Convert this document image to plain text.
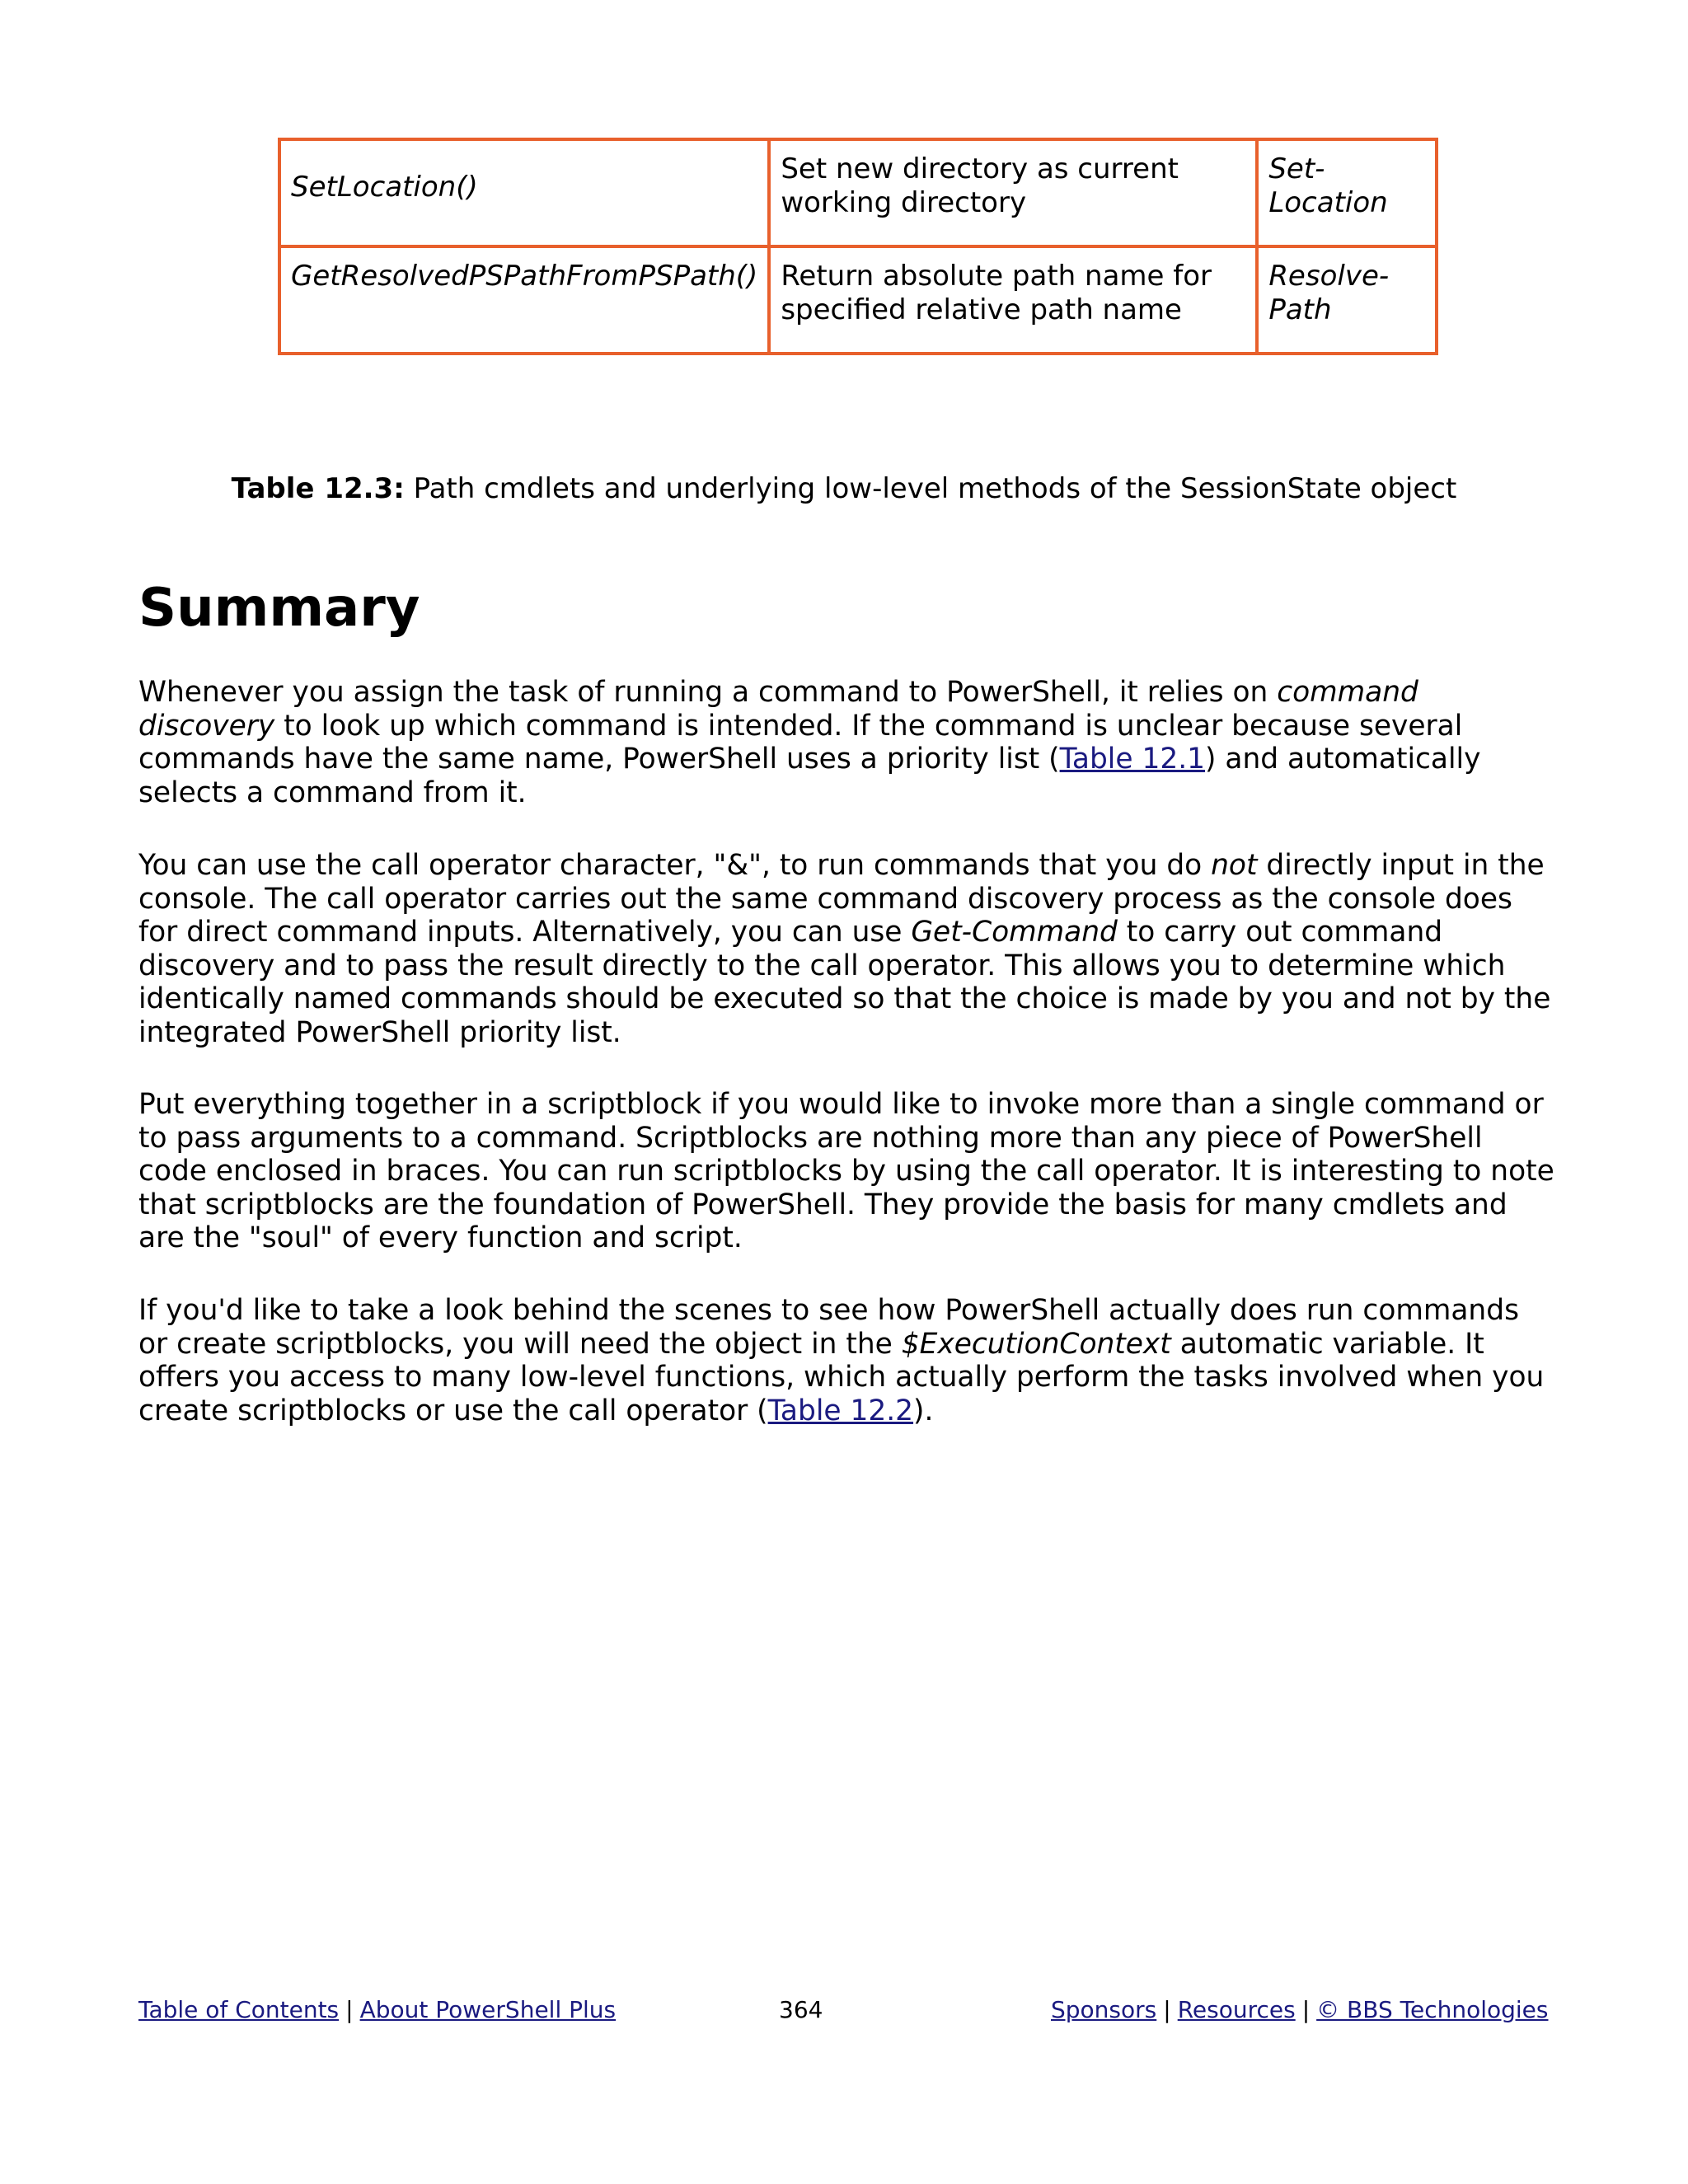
SetLocation()	Set new directory as current working directory	Set-Location
GetResolvedPSPathFromPSPath()	Return absolute path name for specified relative path name	Resolve-Path
Table 12.3: Path cmdlets and underlying low-level methods of the SessionState object
Summary

Whenever you assign the task of running a command to PowerShell, it relies on command discovery to look up which command is intended. If the command is unclear because several commands have the same name, PowerShell uses a priority list (Table 12.1) and automatically selects a command from it.

You can use the call operator character, "&", to run commands that you do not directly input in the console. The call operator carries out the same command discovery process as the console does for direct command inputs. Alternatively, you can use Get-Command to carry out command discovery and to pass the result directly to the call operator. This allows you to determine which identically named commands should be executed so that the choice is made by you and not by the integrated PowerShell priority list.

Put everything together in a scriptblock if you would like to invoke more than a single command or to pass arguments to a command. Scriptblocks are nothing more than any piece of PowerShell code enclosed in braces. You can run scriptblocks by using the call operator. It is interesting to note that scriptblocks are the foundation of PowerShell. They provide the basis for many cmdlets and are the "soul" of every function and script.

If you'd like to take a look behind the scenes to see how PowerShell actually does run commands or create scriptblocks, you will need the object in the $ExecutionContext automatic variable. It offers you access to many low-level functions, which actually perform the tasks involved when you create scriptblocks or use the call operator (Table 12.2).

Table of Contents | About PowerShell Plus	364	Sponsors | Resources | © BBS Technologies
